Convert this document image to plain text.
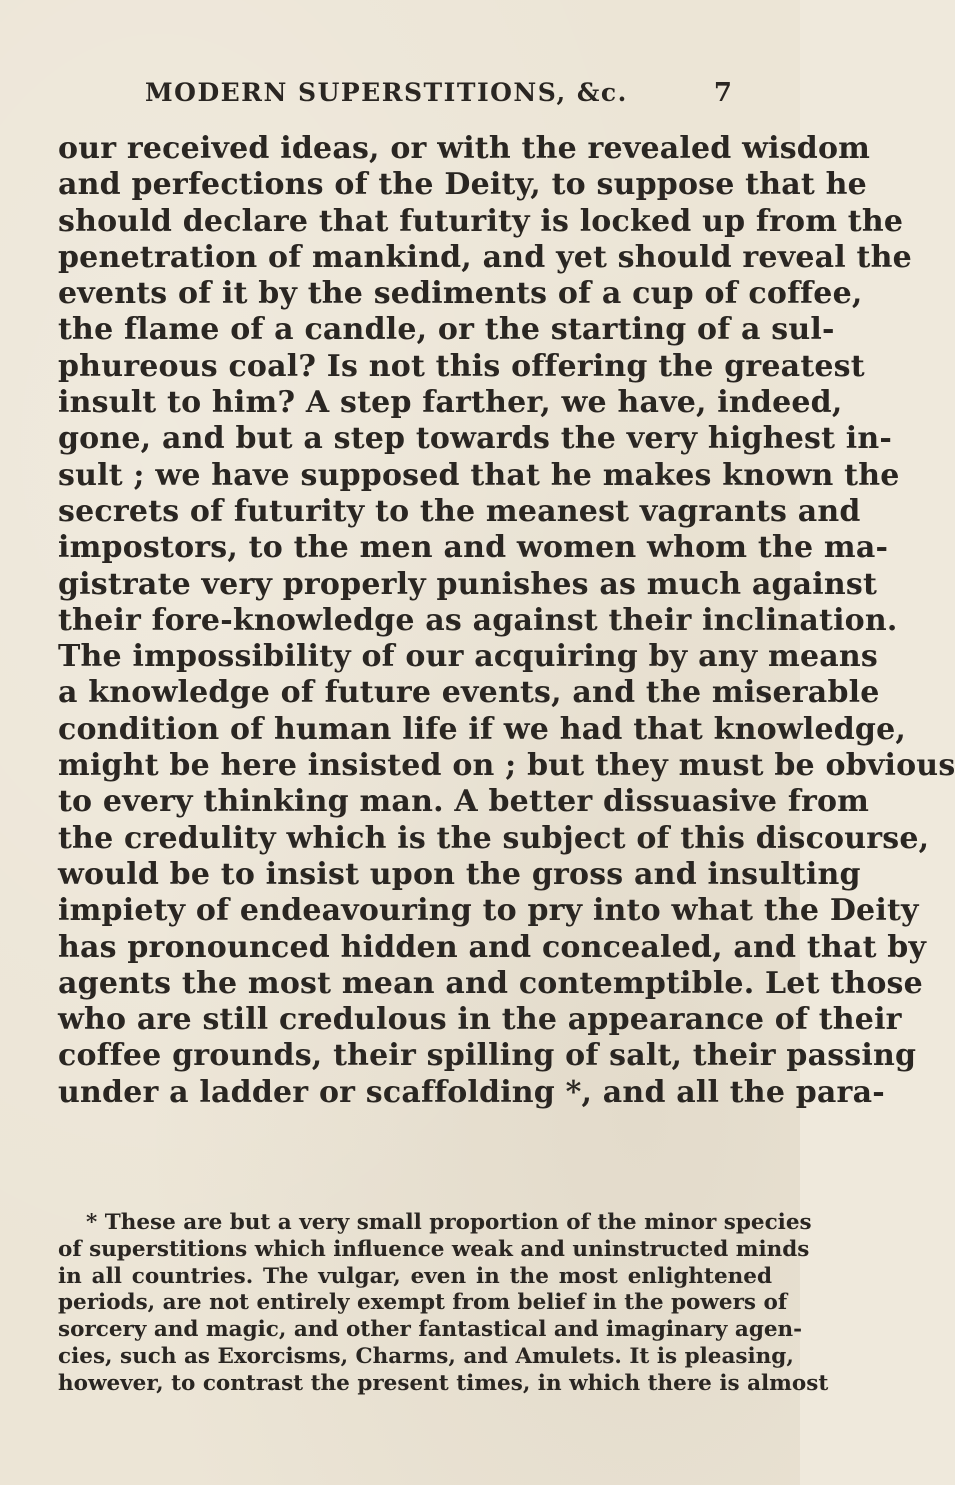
MODERN SUPERSTITIONS, &c.	7
our received ideas, or with the revealed wisdom
and perfections of the Deity, to suppose that he
should declare that futurity is locked up from the
penetration of mankind, and yet should reveal the
events of it by the sediments of a cup of coffee,
the flame of a candle, or the starting of a sul-
phureous coal? Is not this offering the greatest
insult to him? A step farther, we have, indeed,
gone, and but a step towards the very highest in-
sult ; we have supposed that he makes known the
secrets of futurity to the meanest vagrants and
impostors, to the men and women whom the ma-
gistrate very properly punishes as much against
their fore-knowledge as against their inclination.
The impossibility of our acquiring by any means
a knowledge of future events, and the miserable
condition of human life if we had that knowledge,
might be here insisted on ; but they must be obvious
to every thinking man. A better dissuasive from
the credulity which is the subject of this discourse,
would be to insist upon the gross and insulting
impiety of endeavouring to pry into what the Deity
has pronounced hidden and concealed, and that by
agents the most mean and contemptible. Let those
who are still credulous in the appearance of their
coffee grounds, their spilling of salt, their passing
under a ladder or scaffolding *, and all the para-
* These are but a very small proportion of the minor species
of superstitions which influence weak and uninstructed minds
in all countries. The vulgar, even in the most enlightened
periods, are not entirely exempt from belief in the powers of
sorcery and magic, and other fantastical and imaginary agen-
cies, such as Exorcisms, Charms, and Amulets. It is pleasing,
however, to contrast the present times, in which there is almost
